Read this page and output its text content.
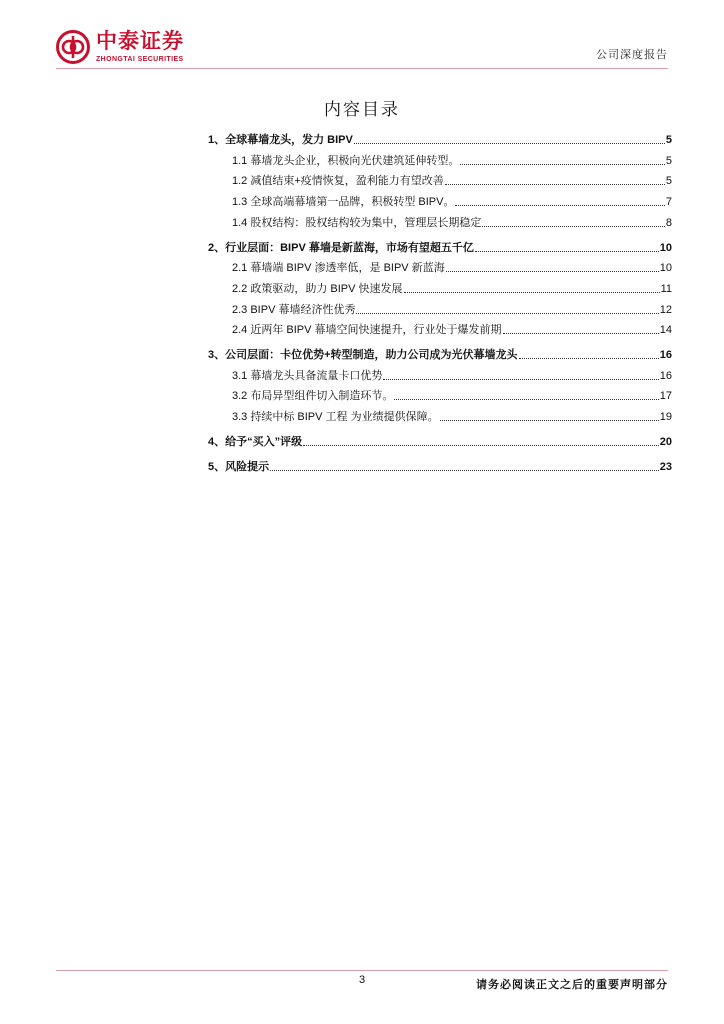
中泰证券
ZHONGTAI SECURITIES	公司深度报告
内容目录
1、全球幕墙龙头，发力 BIPV	5
1.1 幕墙龙头企业，积极向光伏建筑延伸转型。	5
1.2 减值结束+疫情恢复，盈利能力有望改善	5
1.3 全球高端幕墙第一品牌，积极转型 BIPV。	7
1.4 股权结构：股权结构较为集中，管理层长期稳定	8
2、行业层面：BIPV 幕墙是新蓝海，市场有望超五千亿	10
2.1 幕墙端 BIPV 渗透率低，是 BIPV 新蓝海	10
2.2 政策驱动，助力 BIPV 快速发展	11
2.3 BIPV 幕墙经济性优秀	12
2.4 近两年 BIPV 幕墙空间快速提升，行业处于爆发前期	14
3、公司层面：卡位优势+转型制造，助力公司成为光伏幕墙龙头	16
3.1 幕墙龙头具备流量卡口优势	16
3.2 布局异型组件切入制造环节。	17
3.3 持续中标 BIPV 工程 为业绩提供保障。	19
4、给予“买入”评级	20
5、风险提示	23
3	请务必阅读正文之后的重要声明部分
